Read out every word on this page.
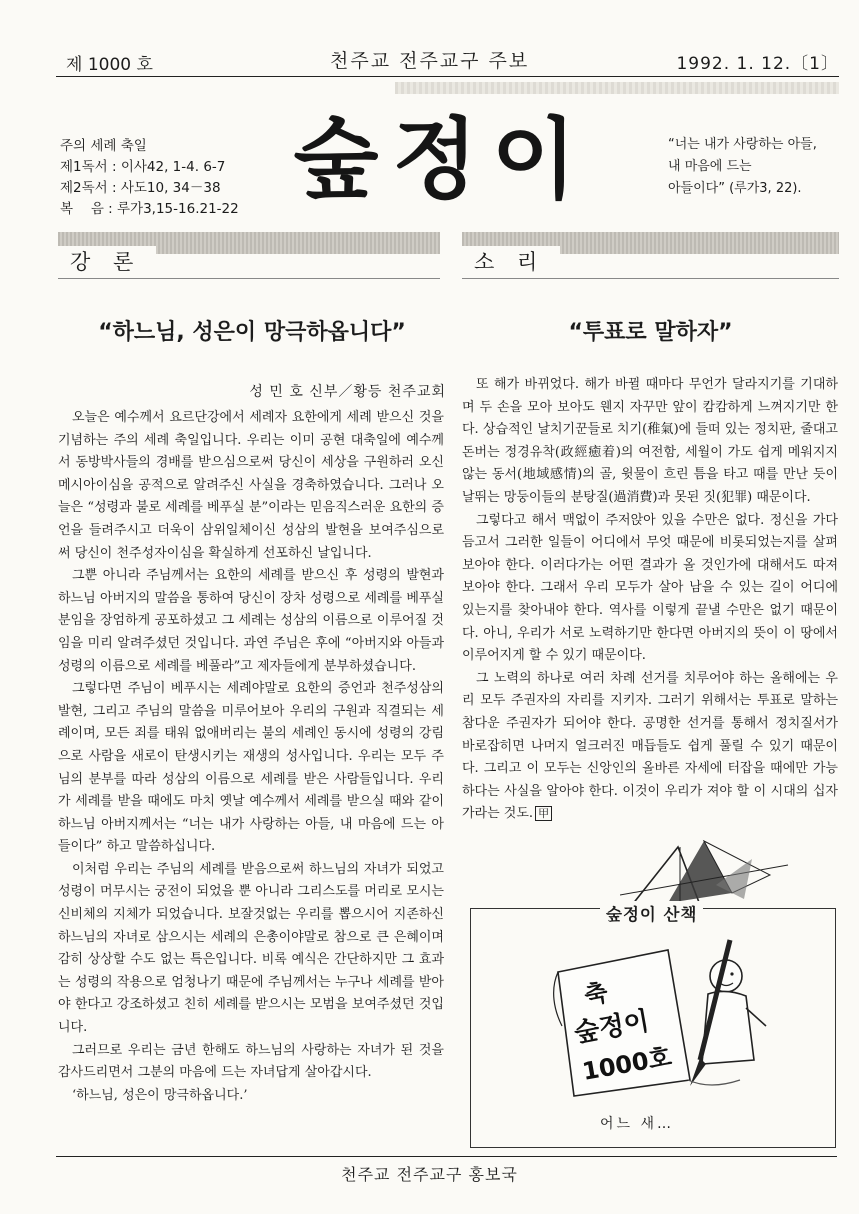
제 1000 호	천주교 전주교구 주보	1992. 1. 12.〔1〕
주의 세례 축일
제1독서 : 이사42, 1-4. 6-7
제2독서 : 사도10, 34－38
복　 음 : 루가3,15-16.21-22 숲정이	“너는 내가 사랑하는 아들,
내 마음에 드는
아들이다” (루가3, 22).
강 론	소 리
“하느님, 성은이 망극하옵니다”
성 민 호 신부／황등 천주교회

오늘은 예수께서 요르단강에서 세례자 요한에게 세례 받으신 것을 기념하는 주의 세례 축일입니다. 우리는 이미 공현 대축일에 예수께서 동방박사들의 경배를 받으심으로써 당신이 세상을 구원하러 오신 메시아이심을 공적으로 알려주신 사실을 경축하였습니다. 그러나 오늘은 “성령과 불로 세례를 베푸실 분”이라는 믿음직스러운 요한의 증언을 들려주시고 더욱이 삼위일체이신 성삼의 발현을 보여주심으로써 당신이 천주성자이심을 확실하게 선포하신 날입니다.

그뿐 아니라 주님께서는 요한의 세례를 받으신 후 성령의 발현과 하느님 아버지의 말씀을 통하여 당신이 장차 성령으로 세례를 베푸실 분임을 장엄하게 공포하셨고 그 세례는 성삼의 이름으로 이루어질 것임을 미리 알려주셨던 것입니다. 과연 주님은 후에 “아버지와 아들과 성령의 이름으로 세례를 베풀라”고 제자들에게 분부하셨습니다.

그렇다면 주님이 베푸시는 세례야말로 요한의 증언과 천주성삼의 발현, 그리고 주님의 말씀을 미루어보아 우리의 구원과 직결되는 세례이며, 모든 죄를 태워 없애버리는 불의 세례인 동시에 성령의 강림으로 사람을 새로이 탄생시키는 재생의 성사입니다. 우리는 모두 주님의 분부를 따라 성삼의 이름으로 세례를 받은 사람들입니다. 우리가 세례를 받을 때에도 마치 옛날 예수께서 세례를 받으실 때와 같이 하느님 아버지께서는 “너는 내가 사랑하는 아들, 내 마음에 드는 아들이다” 하고 말씀하십니다.

이처럼 우리는 주님의 세례를 받음으로써 하느님의 자녀가 되었고 성령이 머무시는 궁전이 되었을 뿐 아니라 그리스도를 머리로 모시는 신비체의 지체가 되었습니다. 보잘것없는 우리를 뽑으시어 지존하신 하느님의 자녀로 삼으시는 세례의 은총이야말로 참으로 큰 은혜이며 감히 상상할 수도 없는 특은입니다. 비록 예식은 간단하지만 그 효과는 성령의 작용으로 엄청나기 때문에 주님께서는 누구나 세례를 받아야 한다고 강조하셨고 친히 세례를 받으시는 모범을 보여주셨던 것입니다.

그러므로 우리는 금년 한해도 하느님의 사랑하는 자녀가 된 것을 감사드리면서 그분의 마음에 드는 자녀답게 살아갑시다.

‘하느님, 성은이 망극하옵니다.’

“투표로 말하자”

또 해가 바뀌었다. 해가 바뀔 때마다 무언가 달라지기를 기대하며 두 손을 모아 보아도 웬지 자꾸만 앞이 캄캄하게 느껴지기만 한다. 상습적인 날치기꾼들로 치기(稚氣)에 들떠 있는 정치판, 줄대고 돈버는 정경유착(政經癒着)의 여전함, 세월이 가도 쉽게 메워지지 않는 동서(地域感情)의 골, 윗물이 흐린 틈을 타고 때를 만난 듯이 날뛰는 망둥이들의 분탕질(過消費)과 못된 짓(犯罪) 때문이다.

그렇다고 해서 맥없이 주저앉아 있을 수만은 없다. 정신을 가다듬고서 그러한 일들이 어디에서 무엇 때문에 비롯되었는지를 살펴보아야 한다. 이러다가는 어떤 결과가 올 것인가에 대해서도 따져보아야 한다. 그래서 우리 모두가 살아 남을 수 있는 길이 어디에 있는지를 찾아내야 한다. 역사를 이렇게 끝낼 수만은 없기 때문이다. 아니, 우리가 서로 노력하기만 한다면 아버지의 뜻이 이 땅에서 이루어지게 할 수 있기 때문이다.

그 노력의 하나로 여러 차례 선거를 치루어야 하는 올해에는 우리 모두 주권자의 자리를 지키자. 그러기 위해서는 투표로 말하는 참다운 주권자가 되어야 한다. 공명한 선거를 통해서 정치질서가 바로잡히면 나머지 얼크러진 매듭들도 쉽게 풀릴 수 있기 때문이다. 그리고 이 모두는 신앙인의 올바른 자세에 터잡을 때에만 가능하다는 사실을 알아야 한다. 이것이 우리가 져야 할 이 시대의 십자가라는 것도. 甲

숲정이 산책
축
숲정이
1000호
어느 새…
천주교 전주교구 홍보국
